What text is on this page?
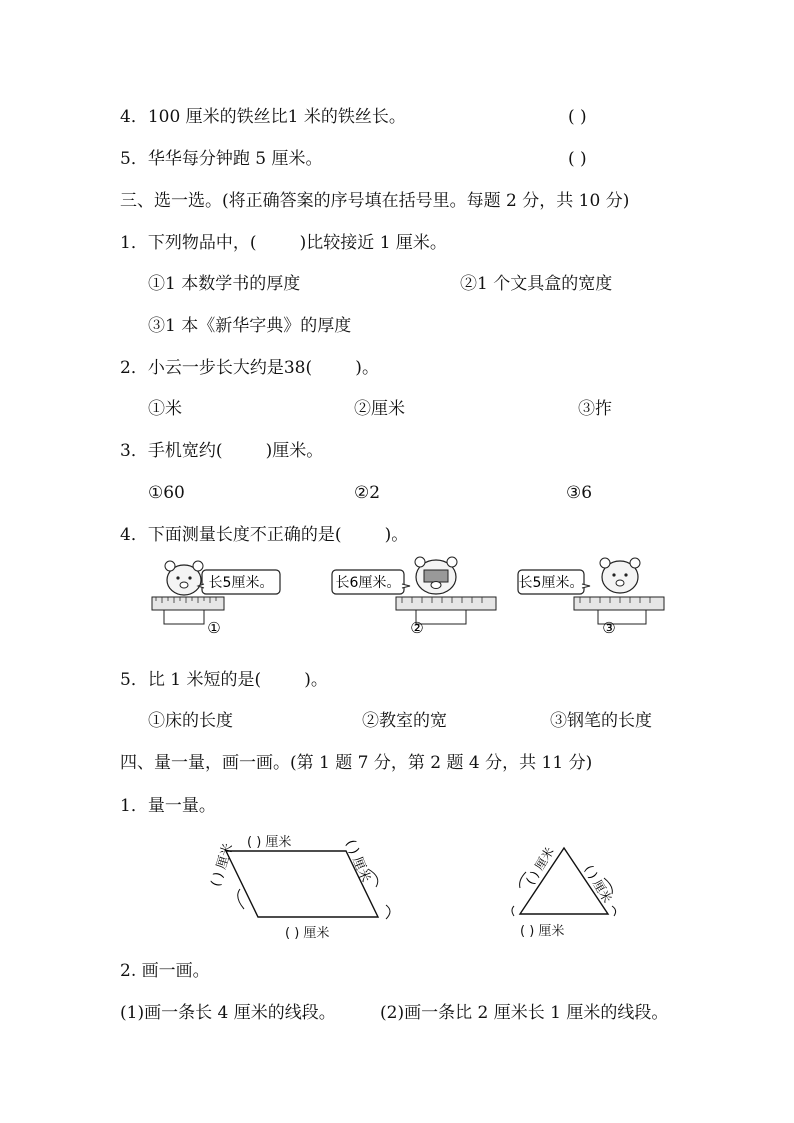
4．100 厘米的铁丝比1 米的铁丝长。	( )
5．华华每分钟跑 5 厘米。	( )
三、选一选。(将正确答案的序号填在括号里。每题 2 分，共 10 分)
1．下列物品中，(        )比较接近 1 厘米。
①1 本数学书的厚度	②1 个文具盒的宽度
③1 本《新华字典》的厚度
2．小云一步长大约是38(        )。
①米	②厘米	③拃
3．手机宽约(        )厘米。
①60	②2	③6
4．下面测量长度不正确的是(        )。
长5厘米。
①
长6厘米。
②
长5厘米。
③
5．比 1 米短的是(        )。
①床的长度	②教室的宽	③钢笔的长度
四、量一量，画一画。(第 1 题 7 分，第 2 题 4 分，共 11 分)
1．量一量。
( ) 厘米	( ) 厘米
( ) 厘米
( ) 厘米
( ) 厘米 ( ) 厘米
( ) 厘米
2. 画一画。
(1)画一条长 4 厘米的线段。	(2)画一条比 2 厘米长 1 厘米的线段。
